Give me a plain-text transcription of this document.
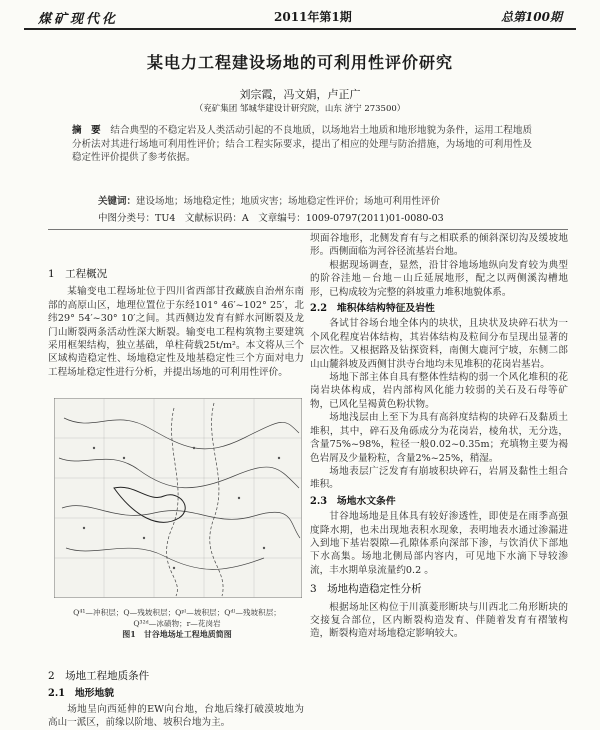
煤矿现代化	2011年第1期	总第100期
某电力工程建设场地的可利用性评价研究
刘宗霞，冯文娟，卢正广
（兖矿集团 邹城华建设计研究院，山东 济宁 273500）
摘　要　 结合典型的不稳定岩及人类活动引起的不良地质，以场地岩土地质和地形地貌为条件，运用工程地质分析法对其进行场地可利用性评价；结合工程实际要求，提出了相应的处理与防治措施，为场地的可利用性及稳定性评价提供了参考依据。
关键词：建设场地；场地稳定性；地质灾害；场地稳定性评价；场地可利用性评价
中图分类号：TU4　文献标识码：A　文章编号：1009-0797(2011)01-0080-03
1　工程概况

某输变电工程场址位于四川省西部甘孜藏族自治州东南部的高原山区，地理位置位于东经101° 46′~102° 25′，北纬29° 54′~30° 10′之间。其西侧边发育有鲜水河断裂及龙门山断裂两条活动性深大断裂。输变电工程构筑物主要建筑采用框架结构，独立基础，单柱荷载25t/m²。本文将从三个区域构造稳定性、场地稳定性及地基稳定性三个方面对电力工程场址稳定性进行分析，并提出场地的可利用性评价。

Q⁴¹—冲积层；Q—残坡积层；Qᵖˡ—坡积层；Qᵈˡ—残坡积层；
Q³²ᵈ—冰碛物；r—花岗岩
图1　甘谷地场址工程地质简图
2　场地工程地质条件
2.1　地形地貌

场地呈向西延伸的EW向台地，台地后缘打破漠坡地为高山一派区，前缘以阶地、坡积台地为主。

坝面谷地形，北侧发育有与之相联系的倾斜深切沟及缓坡地形。西侧面临为河谷径流基岩台地。

根据现场调查，显然，沿甘谷地场地纵向发育较为典型的阶谷洼地－台地－山丘延展地形，配之以两侧溪沟槽地形，已构成较为完整的斜坡重力堆积地貌体系。

2.2　堆积体结构特征及岩性

各试甘谷场台地全体内的块状，且块状及块碎石状为一个风化程度岩体结构，其岩体结构及粒间分布呈现出显著的层次性。又根据路及钻探资料，南侧大鹿河宁坡，东侧二郎山山麓斜坡及西侧甘洪寺台地均未见堆积的花岗岩基岩。

场地下部主体自具有整体性结构的弱一个风化堆积的花岗岩块体构成，岩内部构风化能力较弱的关石及石母等矿物，已风化呈褐黄色粉状物。

场地浅层由上至下为具有高斜度结构的块碎石及黏质土堆积，其中，碎石及角砾成分为花岗岩，棱角状，无分选，含量75%~98%，粒径一般0.02~0.35m；充填物主要为褐色岩屑及少量粉粒，含量2%~25%，稍湿。

场地表层广泛发育有崩坡积块碎石，岩屑及黏性土组合堆积。

2.3　场地水文条件

甘谷地场地是且体具有较好渗透性，即使是在雨季高强度降水期，也未出现地表积水现象，表明地表水通过渗漏进入到地下基岩裂隙—孔隙体系向深部下渗，与饮消伏下部地下水高集。场地北侧局部内容内，可见地下水滴下导较渗流，丰水期单泉流量约0.2 。

3　场地构造稳定性分析

根据场址区构位于川滇菱形断块与川西北二角形断块的交接复合部位，区内断裂构造发育、伴随着发育有褶皱构造，断裂构造对场地稳定影响较大。
